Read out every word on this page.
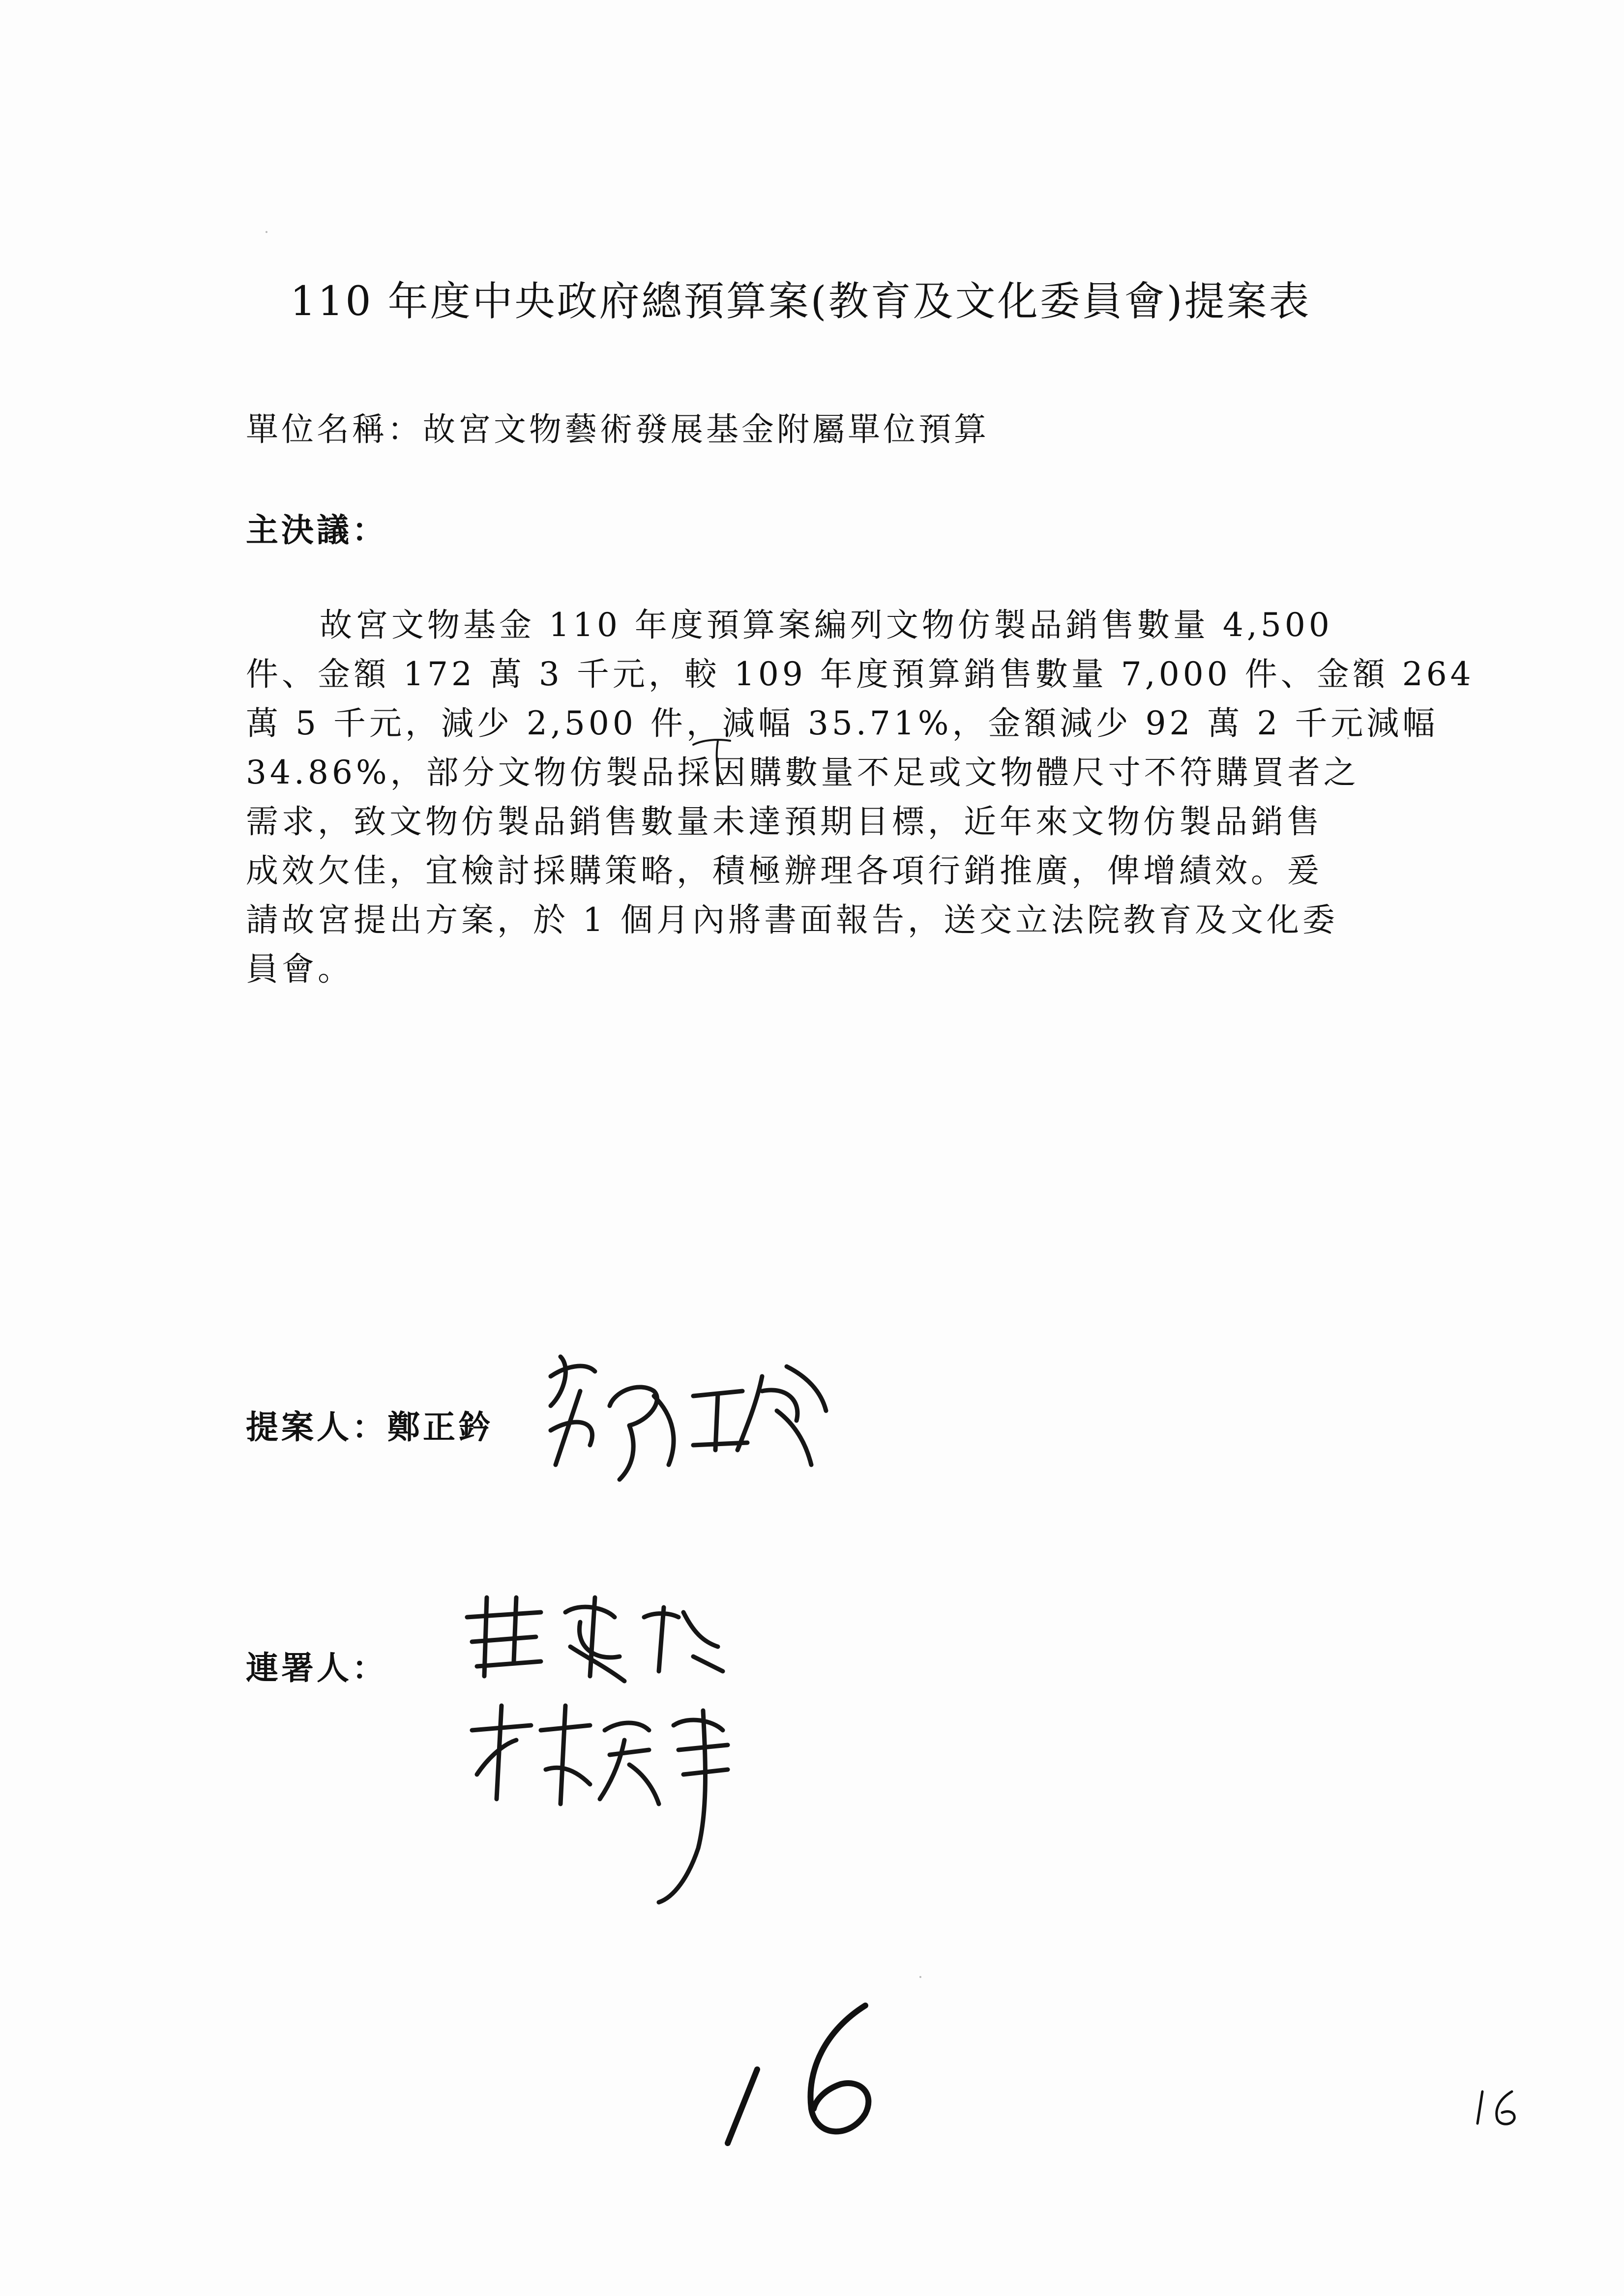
110 年度中央政府總預算案(教育及文化委員會)提案表
單位名稱：故宮文物藝術發展基金附屬單位預算
主決議：
故宮文物基金 110 年度預算案編列文物仿製品銷售數量 4,500
件、金額 172 萬 3 千元，較 109 年度預算銷售數量 7,000 件、金額 264
萬 5 千元，減少 2,500 件，減幅 35.71%，金額減少 92 萬 2 千元減幅
34.86%，部分文物仿製品採因購數量不足或文物體尺寸不符購買者之
需求，致文物仿製品銷售數量未達預期目標，近年來文物仿製品銷售
成效欠佳，宜檢討採購策略，積極辦理各項行銷推廣，俾增績效。爰
請故宮提出方案，於 1 個月內將書面報告，送交立法院教育及文化委
員會。
提案人：鄭正鈐
連署人：
